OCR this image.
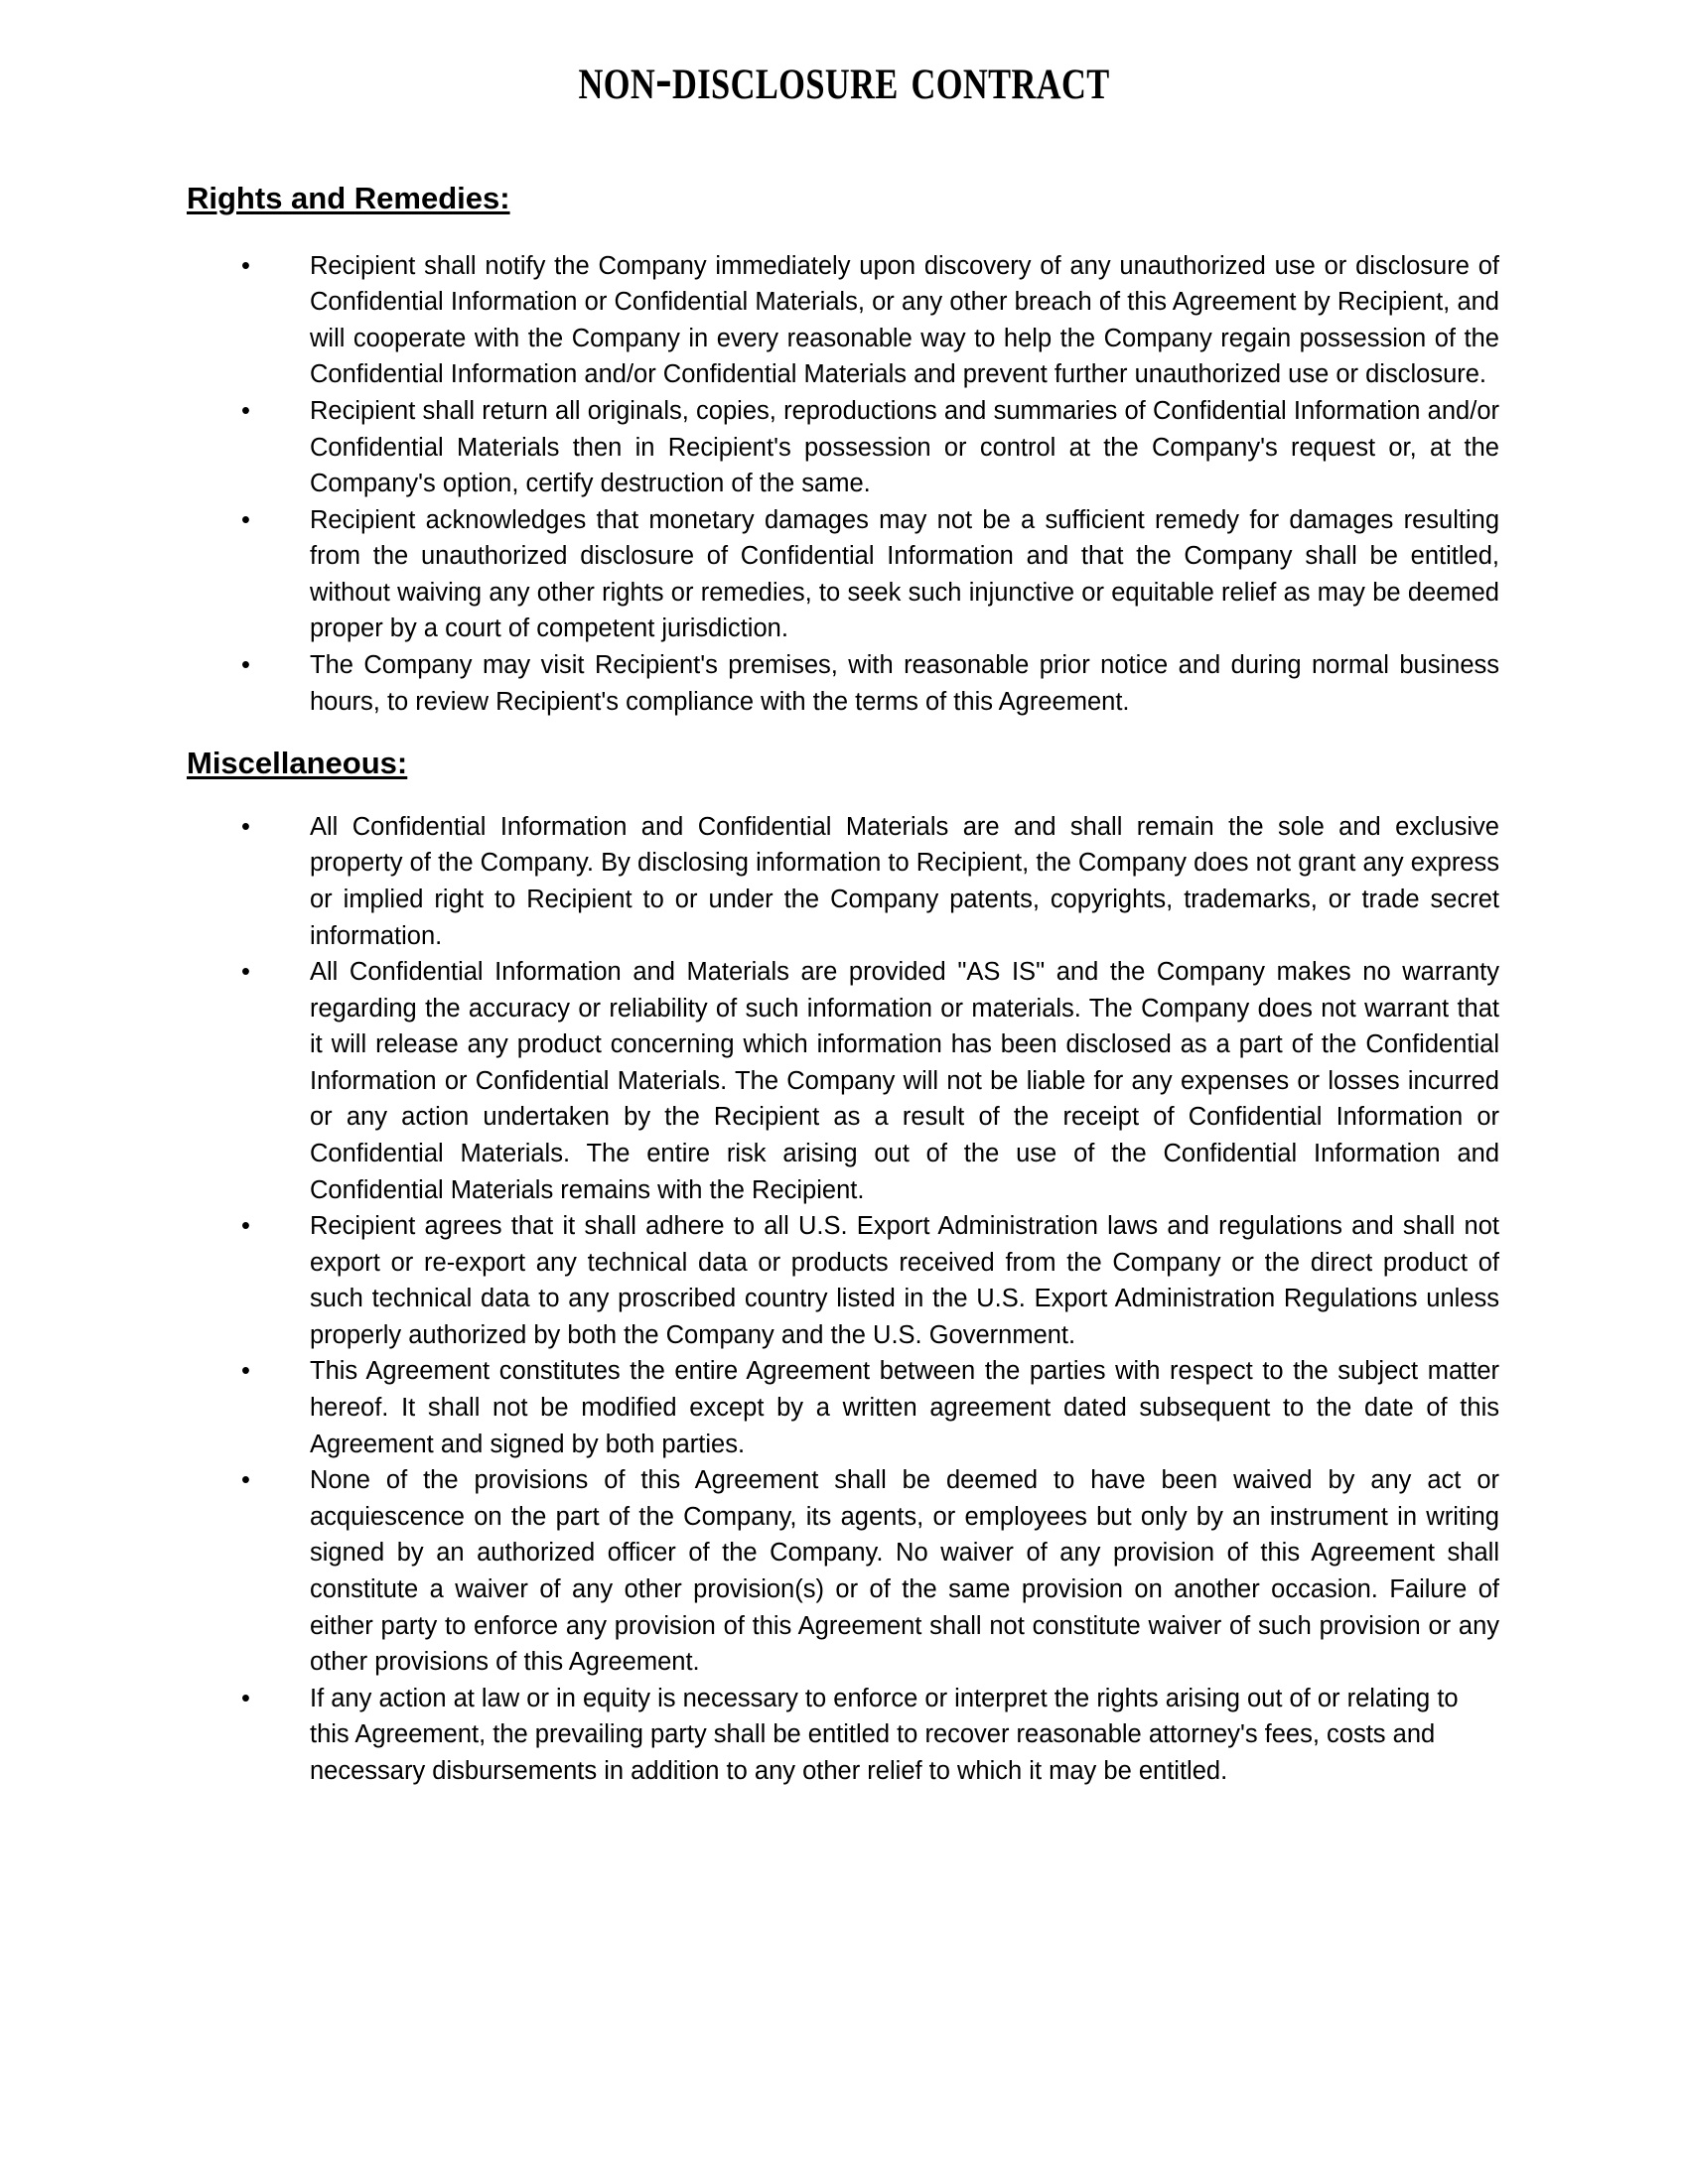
non-disclosure contract
Rights and Remedies:
•	Recipient shall notify the Company immediately upon discovery of any unauthorized use or disclosure of Confidential Information or Confidential Materials, or any other breach of this Agreement by Recipient, and will cooperate with the Company in every reasonable way to help the Company regain possession of the Confidential Information and/or Confidential Materials and prevent further unauthorized use or disclosure.
•	Recipient shall return all originals, copies, reproductions and summaries of Confidential Information and/or Confidential Materials then in Recipient's possession or control at the Company's request or, at the Company's option, certify destruction of the same.
•	Recipient acknowledges that monetary damages may not be a sufficient remedy for damages resulting from the unauthorized disclosure of Confidential Information and that the Company shall be entitled, without waiving any other rights or remedies, to seek such injunctive or equitable relief as may be deemed proper by a court of competent jurisdiction.
•	The Company may visit Recipient's premises, with reasonable prior notice and during normal business hours, to review Recipient's compliance with the terms of this Agreement.
Miscellaneous:
•	All Confidential Information and Confidential Materials are and shall remain the sole and exclusive property of the Company. By disclosing information to Recipient, the Company does not grant any express or implied right to Recipient to or under the Company patents, copyrights, trademarks, or trade secret information.
•	All Confidential Information and Materials are provided "AS IS" and the Company makes no warranty regarding the accuracy or reliability of such information or materials. The Company does not warrant that it will release any product concerning which information has been disclosed as a part of the Confidential Information or Confidential Materials. The Company will not be liable for any expenses or losses incurred or any action undertaken by the Recipient as a result of the receipt of Confidential Information or Confidential Materials. The entire risk arising out of the use of the Confidential Information and Confidential Materials remains with the Recipient.
•	Recipient agrees that it shall adhere to all U.S. Export Administration laws and regulations and shall not export or re-export any technical data or products received from the Company or the direct product of such technical data to any proscribed country listed in the U.S. Export Administration Regulations unless properly authorized by both the Company and the U.S. Government.
•	This Agreement constitutes the entire Agreement between the parties with respect to the subject matter hereof. It shall not be modified except by a written agreement dated subsequent to the date of this Agreement and signed by both parties.
•	None of the provisions of this Agreement shall be deemed to have been waived by any act or acquiescence on the part of the Company, its agents, or employees but only by an instrument in writing signed by an authorized officer of the Company. No waiver of any provision of this Agreement shall constitute a waiver of any other provision(s) or of the same provision on another occasion. Failure of either party to enforce any provision of this Agreement shall not constitute waiver of such provision or any other provisions of this Agreement.
•	If any action at law or in equity is necessary to enforce or interpret the rights arising out of or relating to this Agreement, the prevailing party shall be entitled to recover reasonable attorney's fees, costs and necessary disbursements in addition to any other relief to which it may be entitled.
